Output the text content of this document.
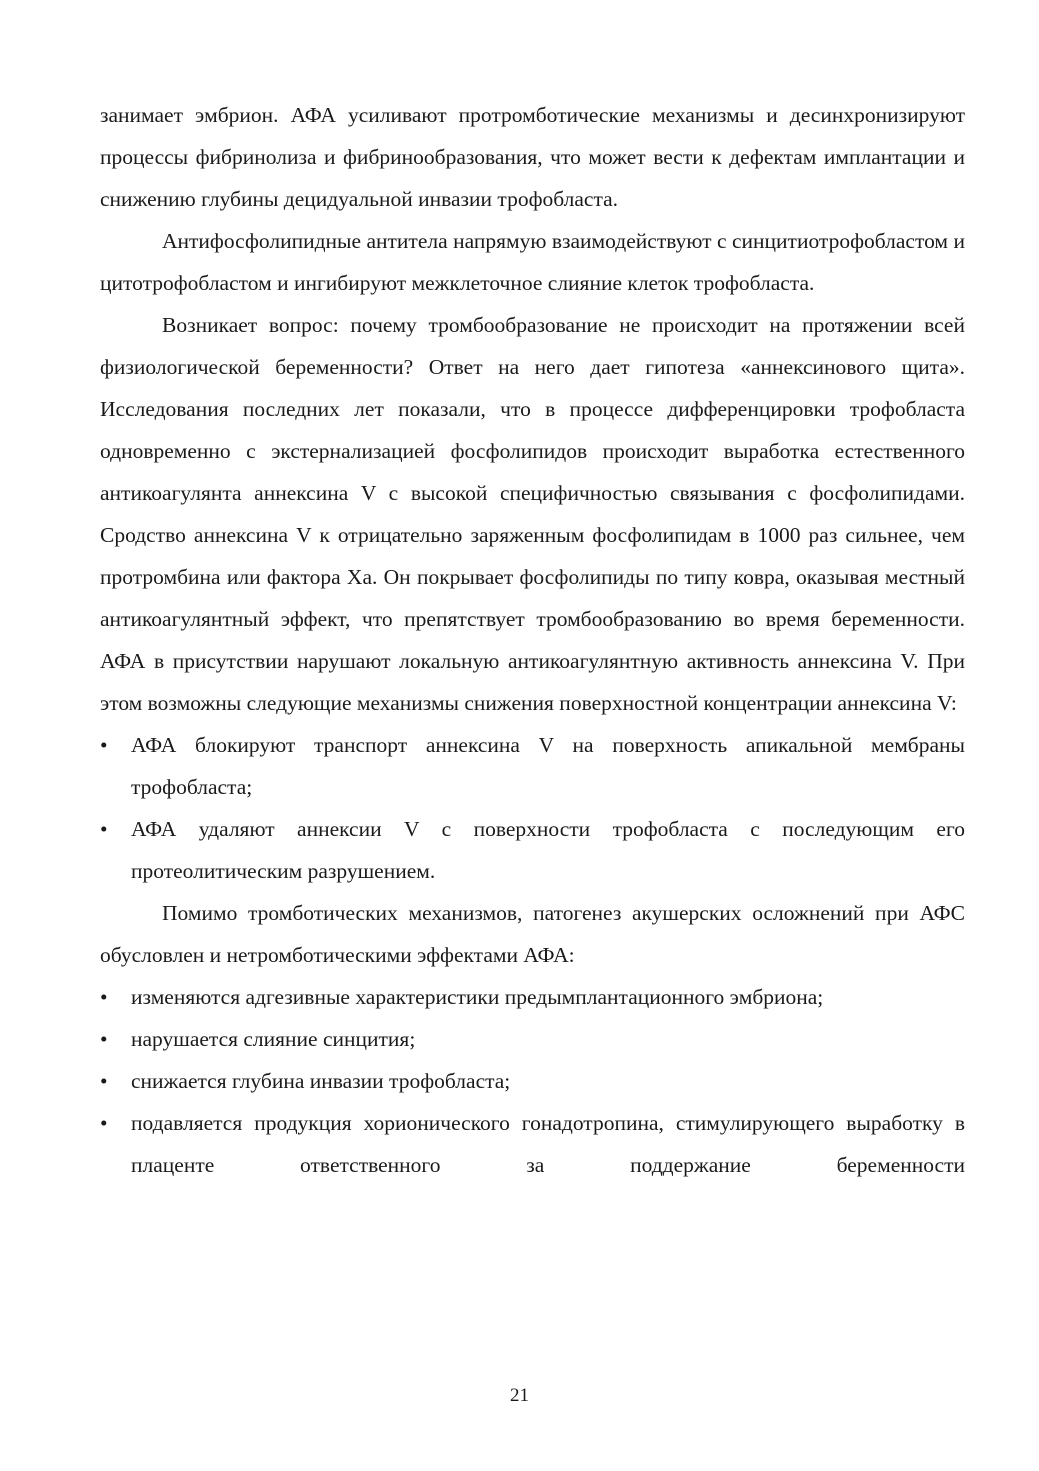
занимает эмбрион. АФА усиливают протромботические механизмы и десинхронизируют процессы фибринолиза и фибринообразования, что может вести к дефектам имплантации и снижению глубины децидуальной инвазии трофобласта.

Антифосфолипидные антитела напрямую взаимодействуют с синцитиотрофобластом и цитотрофобластом и ингибируют межклеточное слияние клеток трофобласта.

Возникает вопрос: почему тромбообразование не происходит на протяжении всей физиологической беременности? Ответ на него дает гипотеза «аннексинового щита». Исследования последних лет показали, что в процессе дифференцировки трофобласта одновременно с экстернализацией фосфолипидов происходит выработка естественного антикоагулянта аннексина V с высокой специфичностью связывания с фосфолипидами. Сродство аннексина V к отрицательно заряженным фосфолипидам в 1000 раз сильнее, чем протромбина или фактора Xa. Он покрывает фосфолипиды по типу ковра, оказывая местный антикоагулянтный эффект, что препятствует тромбообразованию во время беременности. АФА в присутствии нарушают локальную антикоагулянтную активность аннексина V. При этом возможны следующие механизмы снижения поверхностной концентрации аннексина V:

•	АФА блокируют транспорт аннексина V на поверхность апикальной мембраны трофобласта;
•	АФА удаляют аннексии V с поверхности трофобласта с последующим его протеолитическим разрушением.

Помимо тромботических механизмов, патогенез акушерских осложнений при АФС обусловлен и нетромботическими эффектами АФА:

•	изменяются адгезивные характеристики предымплантационного эмбриона;
•	нарушается слияние синцития;
•	снижается глубина инвазии трофобласта;
•	подавляется продукция хорионического гонадотропина, стимулирующего выработку в плаценте ответственного за поддержание беременности
21
